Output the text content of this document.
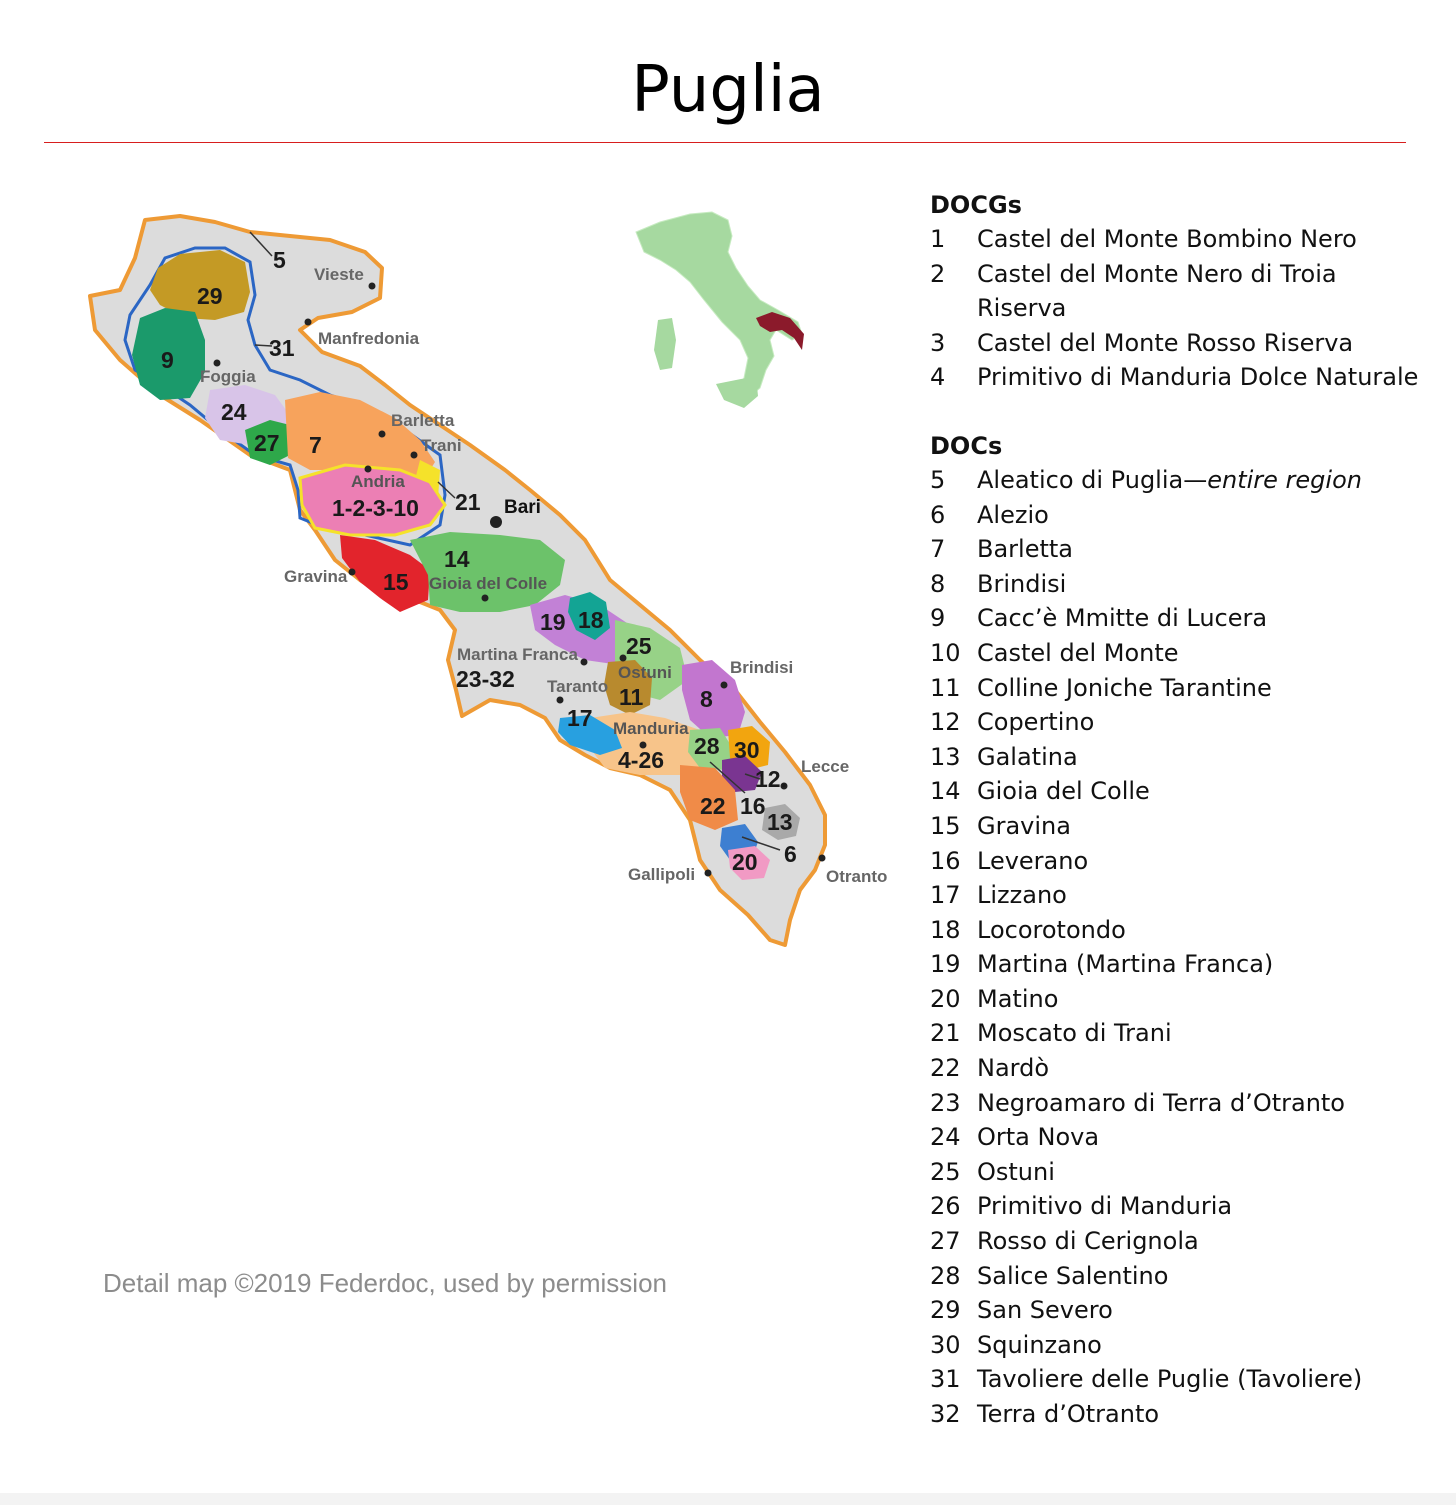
Puglia
Vieste
Manfredonia
Foggia
Barletta
Trani
Gravina
Brindisi
Lecce
Gallipoli	Otranto
Martina Franca
Taranto
Andria
Gioia del Colle
Ostuni
Manduria
Bari
5
29
9	31
24
27 7
1-2-3-10 21
14
15
19 18
25
23-32
11 8
17
4-26
28 30
12.
16
13
22
6
20
Detail map ©2019 Federdoc, used by permission
DOCGs
1	Castel del Monte Bombino Nero
2	Castel del Monte Nero di Troia Riserva
3	Castel del Monte Rosso Riserva
4	Primitivo di Manduria Dolce Naturale
DOCs
5	Aleatico di Puglia—entire region
6	Alezio
7	Barletta
8	Brindisi
9	Cacc’è Mmitte di Lucera
10 Castel del Monte
11 Colline Joniche Tarantine
12 Copertino
13 Galatina
14 Gioia del Colle
15 Gravina
16 Leverano
17 Lizzano
18 Locorotondo
19 Martina (Martina Franca)
20 Matino
21 Moscato di Trani
22 Nardò
23 Negroamaro di Terra d’Otranto
24 Orta Nova
25 Ostuni
26 Primitivo di Manduria
27 Rosso di Cerignola
28 Salice Salentino
29 San Severo
30 Squinzano
31 Tavoliere delle Puglie (Tavoliere)
32 Terra d’Otranto
